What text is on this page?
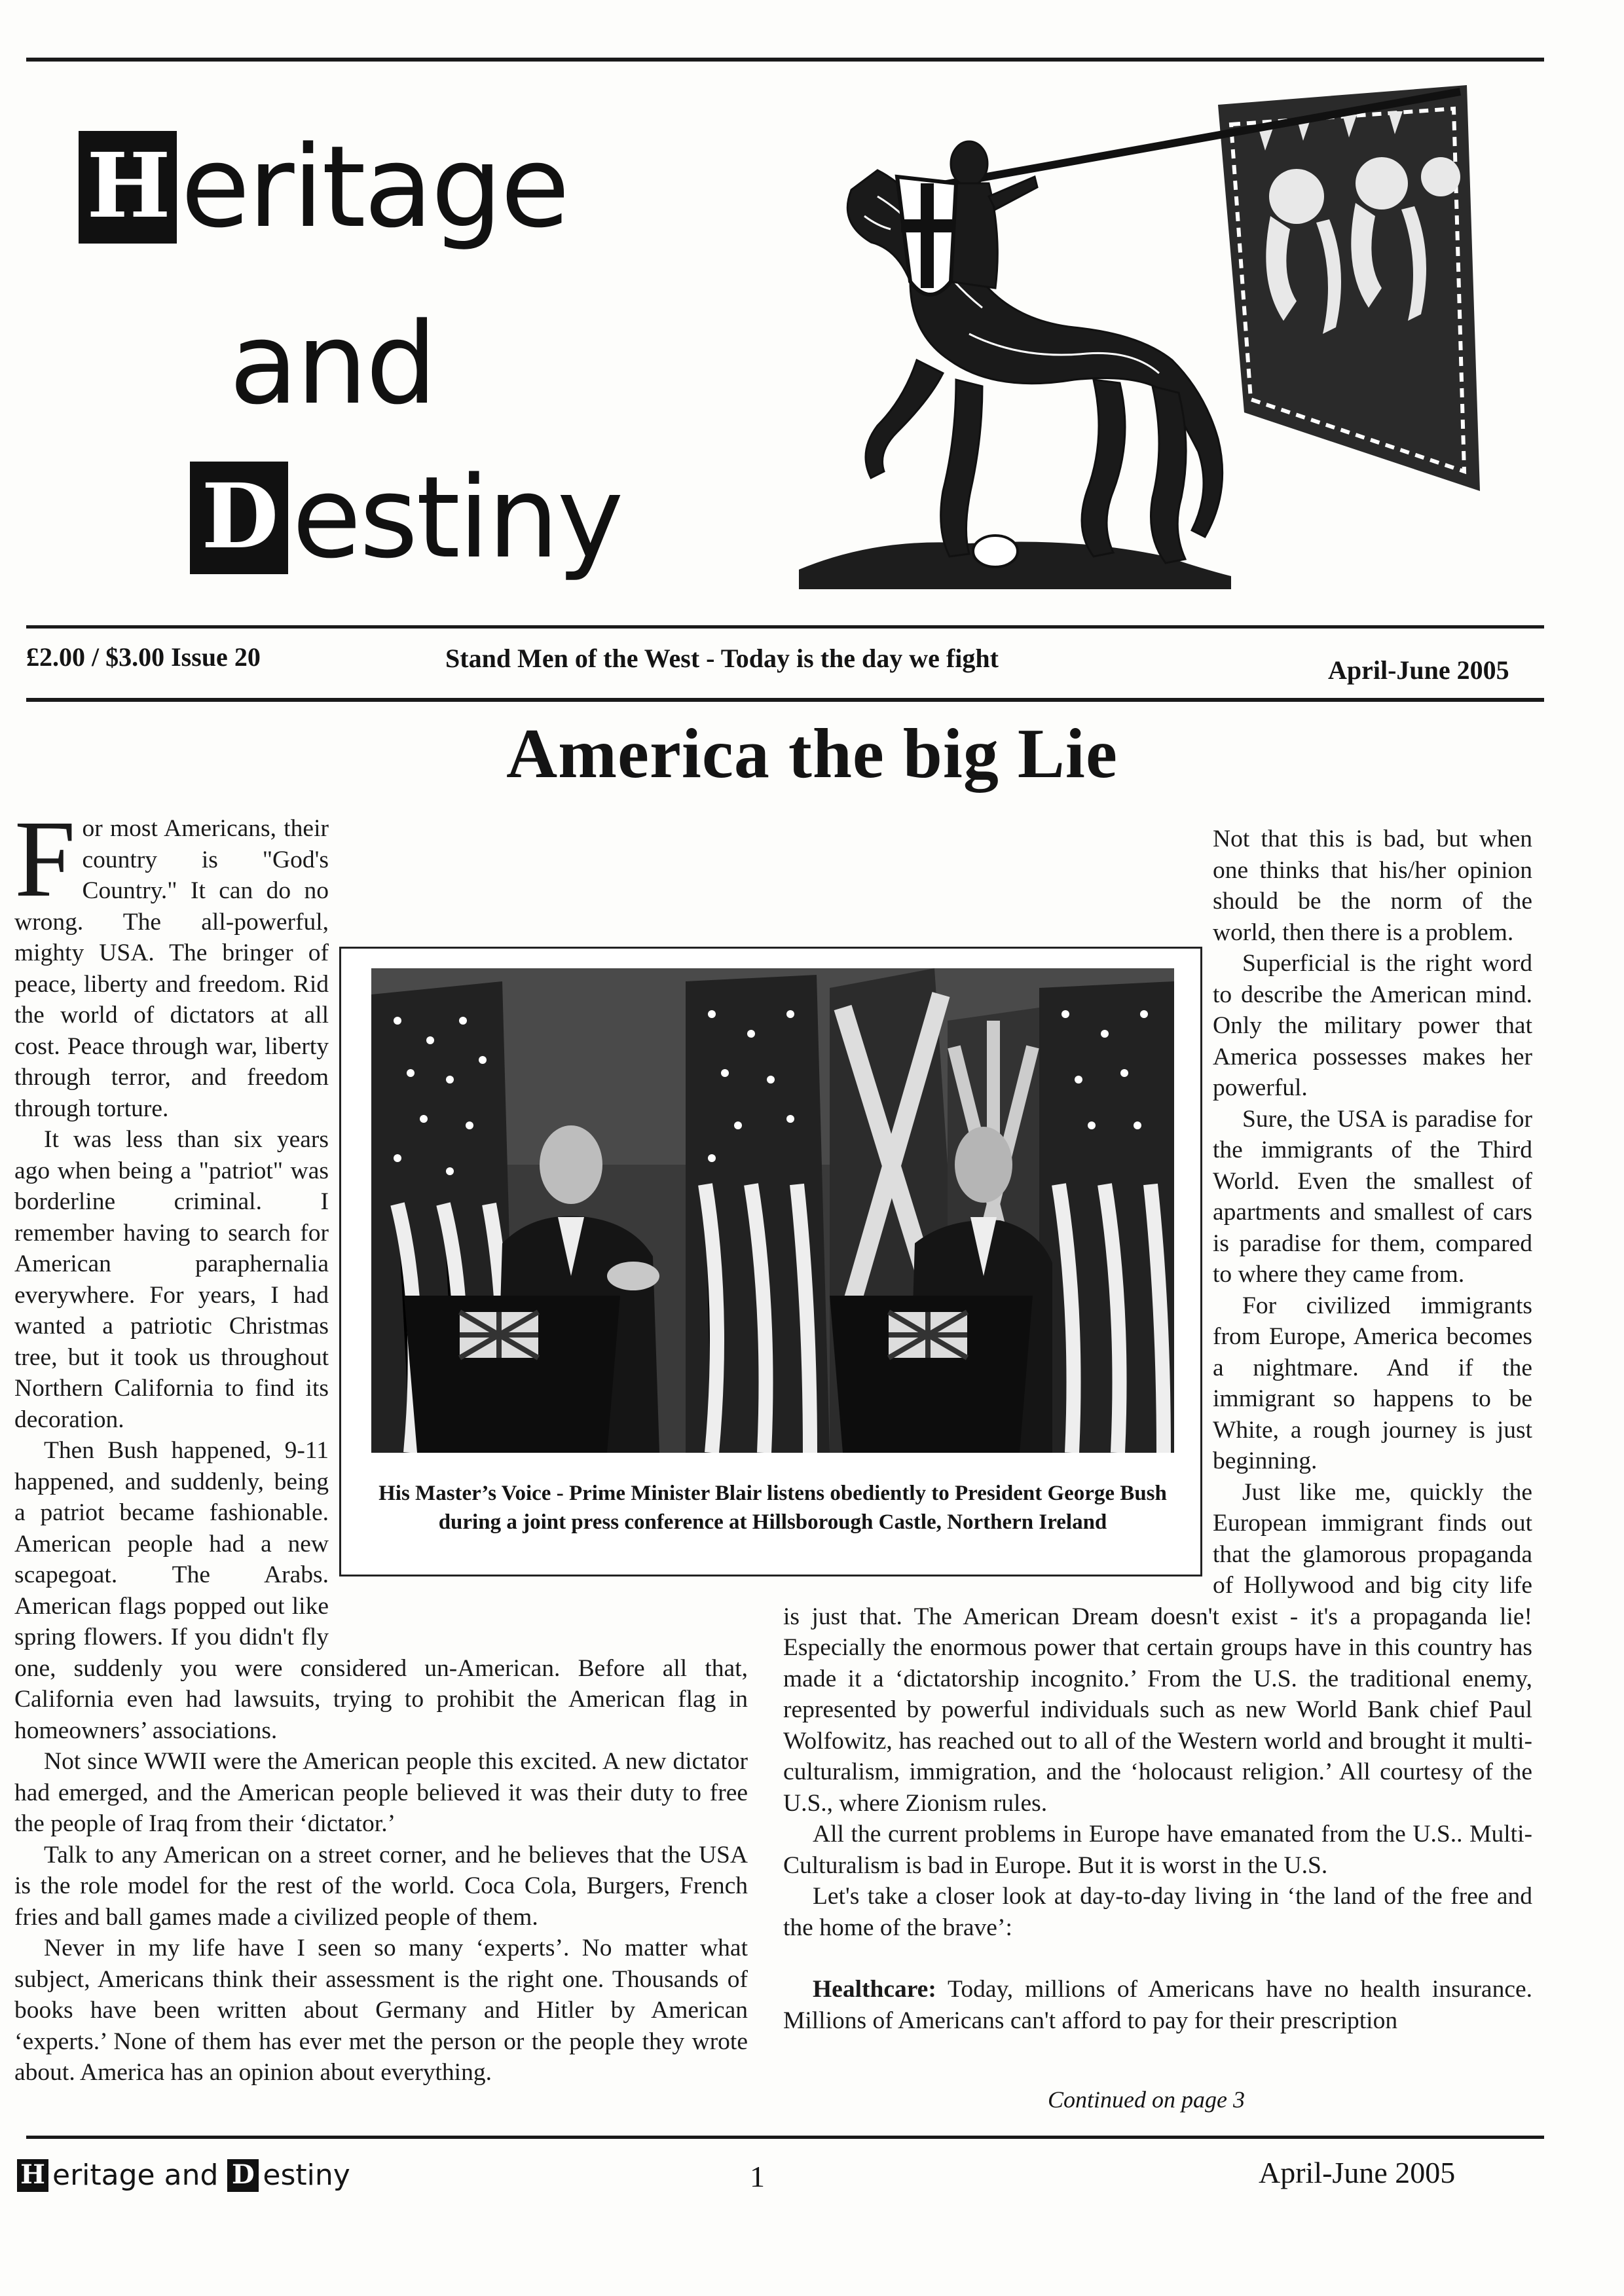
H eritage
and
D estiny
£2.00 / $3.00 Issue 20	Stand Men of the West - Today is the day we fight	April-June 2005
America the big Lie

For most Americans, their country is "God's Country." It can do no wrong. The all-powerful, mighty USA. The bringer of peace, liberty and freedom. Rid the world of dictators at all cost. Peace through war, liberty through terror, and freedom through torture.

It was less than six years ago when being a "patriot" was borderline criminal. I remember having to search for American paraphernalia everywhere. For years, I had wanted a patriotic Christmas tree, but it took us throughout Northern California to find its decoration.

Then Bush happened, 9-11 happened, and suddenly, being a patriot became fashionable. American people had a new scapegoat. The Arabs. American flags popped out like spring flowers. If you didn't fly one, suddenly you were considered un-American. Before all that, California even had lawsuits, trying to prohibit the American flag in homeowners’ associations.

Not since WWII were the American people this excited. A new dictator had emerged, and the American people believed it was their duty to free the people of Iraq from their ‘dictator.’

Talk to any American on a street corner, and he believes that the USA is the role model for the rest of the world. Coca Cola, Burgers, French fries and ball games made a civilized people of them.

Never in my life have I seen so many ‘experts’. No matter what subject, Americans think their assessment is the right one. Thousands of books have been written about Germany and Hitler by American ‘experts.’ None of them has ever met the person or the people they wrote about. America has an opinion about everything.

Not that this is bad, but when one thinks that his/her opinion should be the norm of the world, then there is a problem.

Superficial is the right word to describe the American mind. Only the military power that America possesses makes her powerful.

Sure, the USA is paradise for the immigrants of the Third World. Even the smallest of apartments and smallest of cars is paradise for them, compared to where they came from.

For civilized immigrants from Europe, America becomes a nightmare. And if the immigrant so happens to be White, a rough journey is just beginning.

Just like me, quickly the European immigrant finds out that the glamorous propaganda of Hollywood and big city life is just that. The American Dream doesn't exist - it's a propaganda lie! Especially the enormous power that certain groups have in this country has made it a ‘dictatorship incognito.’ From the U.S. the traditional enemy, represented by powerful individuals such as new World Bank chief Paul Wolfowitz, has reached out to all of the Western world and brought it multi-culturalism, immigration, and the ‘holocaust religion.’ All courtesy of the U.S., where Zionism rules.

All the current problems in Europe have emanated from the U.S.. Multi-Culturalism is bad in Europe. But it is worst in the U.S.

Let's take a closer look at day-to-day living in ‘the land of the free and the home of the brave’:

Healthcare: Today, millions of Americans have no health insurance. Millions of Americans can't afford to pay for their prescription

His Master’s Voice - Prime Minister Blair listens obediently to President George Bush during a joint press conference at Hillsborough Castle, Northern Ireland
Continued on page 3
H eritage and D estiny	1	April-June 2005
